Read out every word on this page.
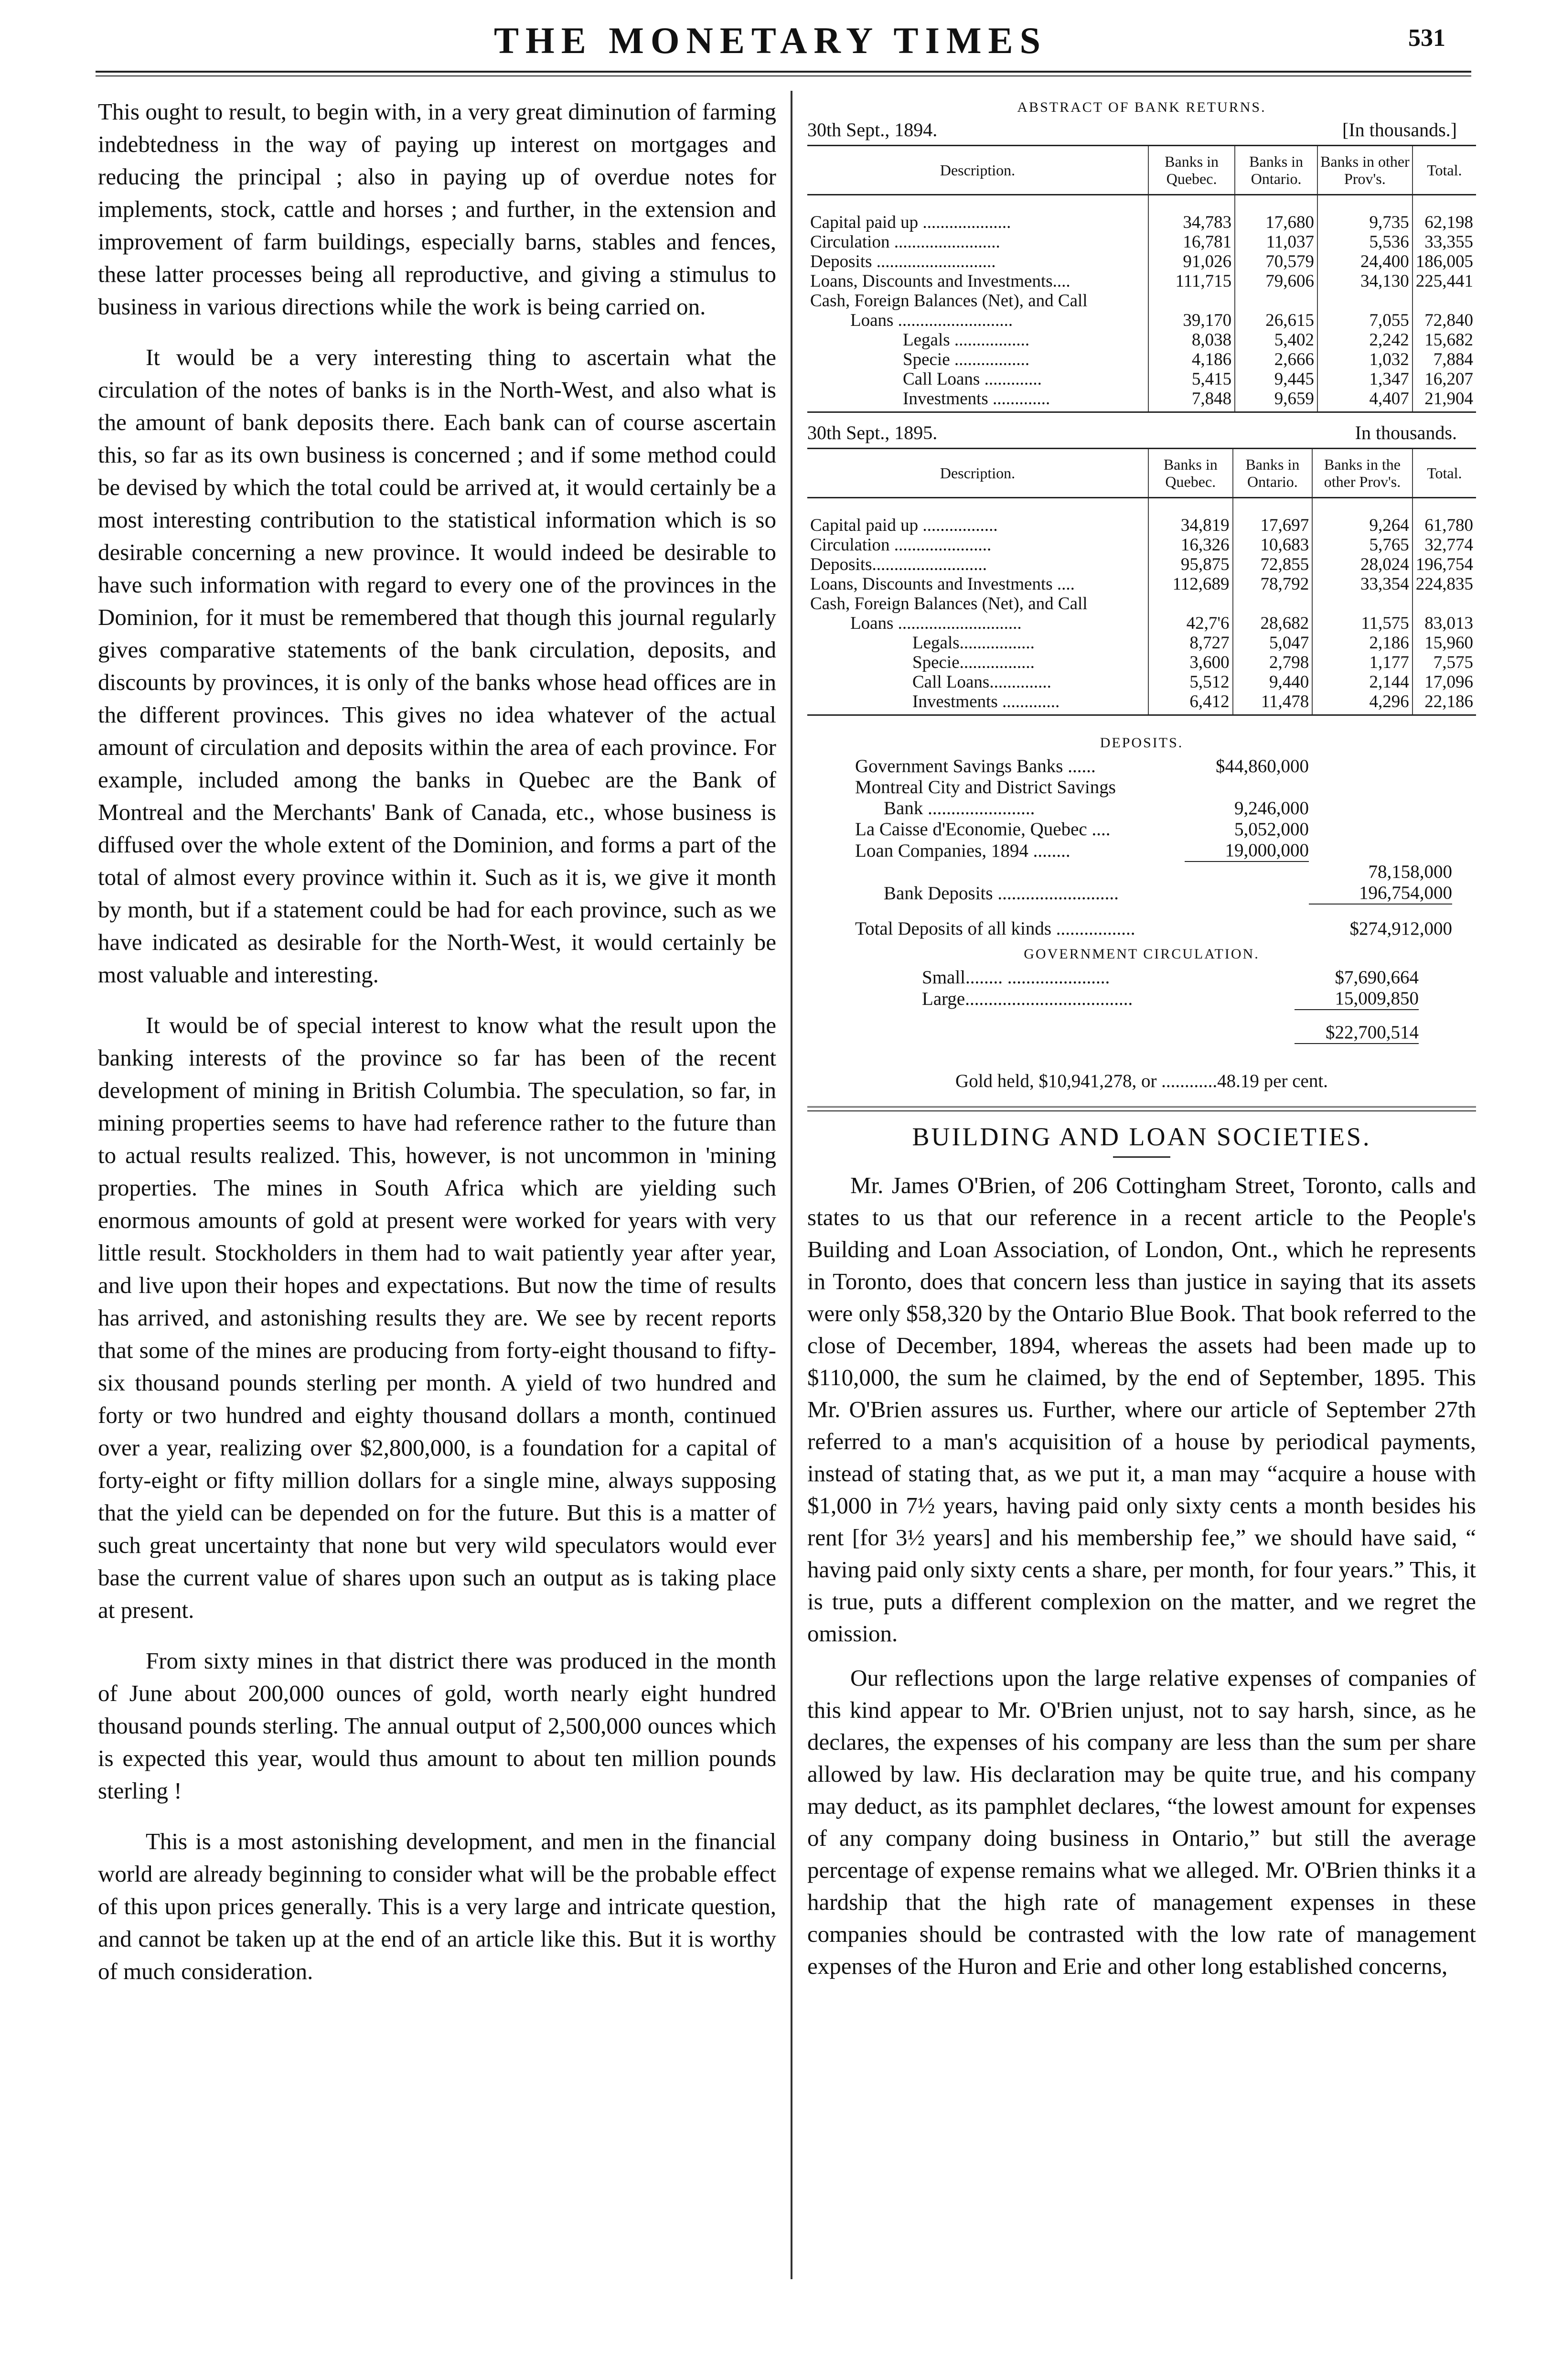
THE MONETARY TIMES	531

This ought to result, to begin with, in a very great diminution of farming indebtedness in the way of paying up interest on mortgages and reducing the principal ; also in paying up of overdue notes for implements, stock, cattle and horses ; and further, in the extension and improvement of farm buildings, especially barns, stables and fences, these latter processes being all reproductive, and giving a stimulus to business in various directions while the work is being carried on.

It would be a very interesting thing to ascertain what the circulation of the notes of banks is in the North-West, and also what is the amount of bank deposits there. Each bank can of course ascertain this, so far as its own business is concerned ; and if some method could be devised by which the total could be arrived at, it would certainly be a most interesting contribution to the statistical information which is so desirable concerning a new province. It would indeed be desirable to have such information with regard to every one of the provinces in the Dominion, for it must be remembered that though this journal regularly gives comparative statements of the bank circulation, deposits, and discounts by provinces, it is only of the banks whose head offices are in the different provinces. This gives no idea whatever of the actual amount of circulation and deposits within the area of each province. For example, included among the banks in Quebec are the Bank of Montreal and the Merchants' Bank of Canada, etc., whose business is diffused over the whole extent of the Dominion, and forms a part of the total of almost every province within it. Such as it is, we give it month by month, but if a statement could be had for each province, such as we have indicated as desirable for the North-West, it would certainly be most valuable and interesting.

It would be of special interest to know what the result upon the banking interests of the province so far has been of the recent development of mining in British Columbia. The speculation, so far, in mining properties seems to have had reference rather to the future than to actual results realized. This, however, is not uncommon in 'mining properties. The mines in South Africa which are yielding such enormous amounts of gold at present were worked for years with very little result. Stockholders in them had to wait patiently year after year, and live upon their hopes and expectations. But now the time of results has arrived, and astonishing results they are. We see by recent reports that some of the mines are producing from forty-eight thousand to fifty-six thousand pounds sterling per month. A yield of two hundred and forty or two hundred and eighty thousand dollars a month, continued over a year, realizing over $2,800,000, is a foundation for a capital of forty-eight or fifty million dollars for a single mine, always supposing that the yield can be depended on for the future. But this is a matter of such great uncertainty that none but very wild speculators would ever base the current value of shares upon such an output as is taking place at present.

From sixty mines in that district there was produced in the month of June about 200,000 ounces of gold, worth nearly eight hundred thousand pounds sterling. The annual output of 2,500,000 ounces which is expected this year, would thus amount to about ten million pounds sterling !

This is a most astonishing development, and men in the financial world are already beginning to consider what will be the probable effect of this upon prices generally. This is a very large and intricate question, and cannot be taken up at the end of an article like this. But it is worthy of much consideration.

ABSTRACT OF BANK RETURNS.
30th Sept., 1894.	[In thousands.]
Description.	Banks in Quebec.	Banks in Ontario.	Banks in other Prov's.	Total.
Capital paid up ....................	34,783	17,680	9,735	62,198
Circulation ........................	16,781	11,037	5,536	33,355
Deposits ...........................	91,026	70,579	24,400	186,005
Loans, Discounts and Investments....	111,715	79,606	34,130	225,441
Cash, Foreign Balances (Net), and Call				
Loans ..........................	39,170	26,615	7,055	72,840
Legals .................	8,038	5,402	2,242	15,682
Specie .................	4,186	2,666	1,032	7,884
Call Loans .............	5,415	9,445	1,347	16,207
Investments .............	7,848	9,659	4,407	21,904
30th Sept., 1895.	In thousands.
Description.	Banks in Quebec.	Banks in Ontario.	Banks in the other Prov's.	Total.
Capital paid up .................	34,819	17,697	9,264	61,780
Circulation ......................	16,326	10,683	5,765	32,774
Deposits..........................	95,875	72,855	28,024	196,754
Loans, Discounts and Investments ....	112,689	78,792	33,354	224,835
Cash, Foreign Balances (Net), and Call				
Loans ............................	42,7'6	28,682	11,575	83,013
Legals.................	8,727	5,047	2,186	15,960
Specie.................	3,600	2,798	1,177	7,575
Call Loans..............	5,512	9,440	2,144	17,096
Investments .............	6,412	11,478	4,296	22,186
DEPOSITS.
Government Savings Banks ......	$44,860,000	
Montreal City and District Savings		
Bank .......................	9,246,000	
La Caisse d'Economie, Quebec ....	5,052,000	
Loan Companies, 1894 ........	19,000,000	
		78,158,000
Bank Deposits ..........................		196,754,000

Total Deposits of all kinds .................		$274,912,000
GOVERNMENT CIRCULATION.
Small........ ......................	$7,690,664
Large....................................	15,009,850

	$22,700,514

Gold held, $10,941,278, or ............48.19 per cent.
BUILDING AND LOAN SOCIETIES.

Mr. James O'Brien, of 206 Cottingham Street, Toronto, calls and states to us that our reference in a recent article to the People's Building and Loan Association, of London, Ont., which he represents in Toronto, does that concern less than justice in saying that its assets were only $58,320 by the Ontario Blue Book. That book referred to the close of December, 1894, whereas the assets had been made up to $110,000, the sum he claimed, by the end of September, 1895. This Mr. O'Brien assures us. Further, where our article of September 27th referred to a man's acquisition of a house by periodical payments, instead of stating that, as we put it, a man may “acquire a house with $1,000 in 7½ years, having paid only sixty cents a month besides his rent [for 3½ years] and his membership fee,” we should have said, “ having paid only sixty cents a share, per month, for four years.” This, it is true, puts a different complexion on the matter, and we regret the omission.

Our reflections upon the large relative expenses of companies of this kind appear to Mr. O'Brien unjust, not to say harsh, since, as he declares, the expenses of his company are less than the sum per share allowed by law. His declaration may be quite true, and his company may deduct, as its pamphlet declares, “the lowest amount for expenses of any company doing business in Ontario,” but still the average percentage of expense remains what we alleged. Mr. O'Brien thinks it a hardship that the high rate of management expenses in these companies should be contrasted with the low rate of management expenses of the Huron and Erie and other long established concerns,
